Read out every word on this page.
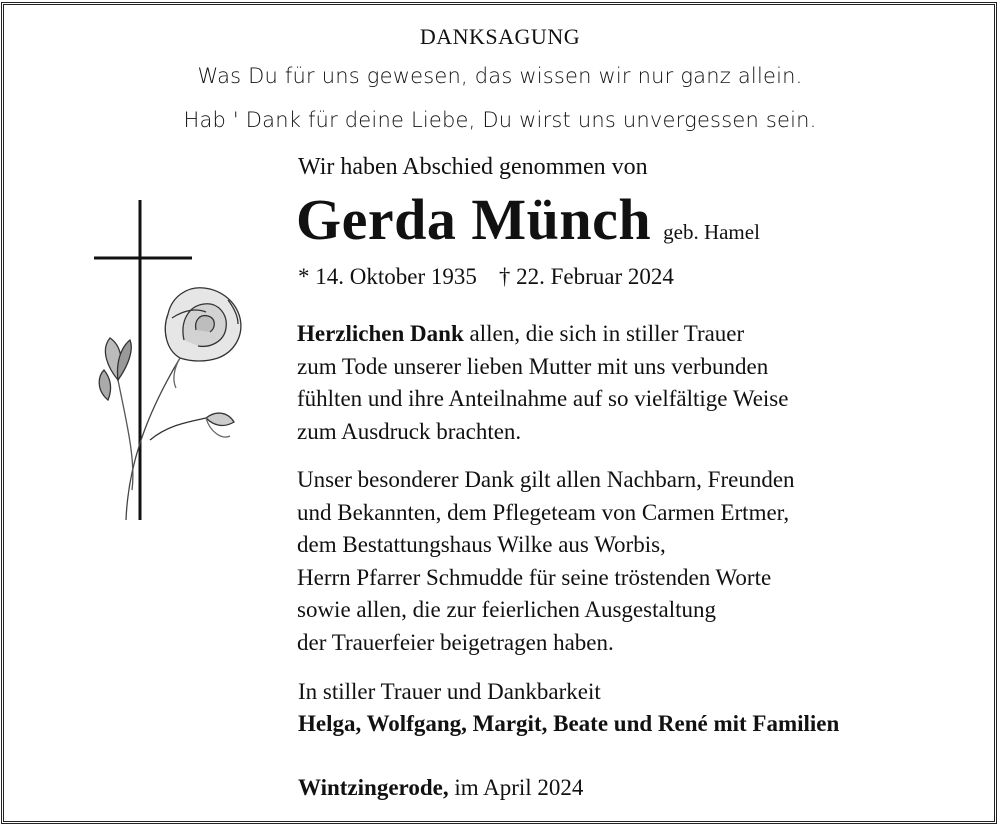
DANKSAGUNG
Was Du für uns gewesen, das wissen wir nur ganz allein.
Hab ' Dank für deine Liebe, Du wirst uns unvergessen sein.
Wir haben Abschied genommen von
Gerda Münch geb. Hamel
* 14. Oktober 1935 † 22. Februar 2024
Herzlichen Dank allen, die sich in stiller Trauer
zum Tode unserer lieben Mutter mit uns verbunden
fühlten und ihre Anteilnahme auf so vielfältige Weise
zum Ausdruck brachten.
Unser besonderer Dank gilt allen Nachbarn, Freunden
und Bekannten, dem Pflegeteam von Carmen Ertmer,
dem Bestattungshaus Wilke aus Worbis,
Herrn Pfarrer Schmudde für seine tröstenden Worte
sowie allen, die zur feierlichen Ausgestaltung
der Trauerfeier beigetragen haben.
In stiller Trauer und Dankbarkeit
Helga, Wolfgang, Margit, Beate und René mit Familien
Wintzingerode, im April 2024
